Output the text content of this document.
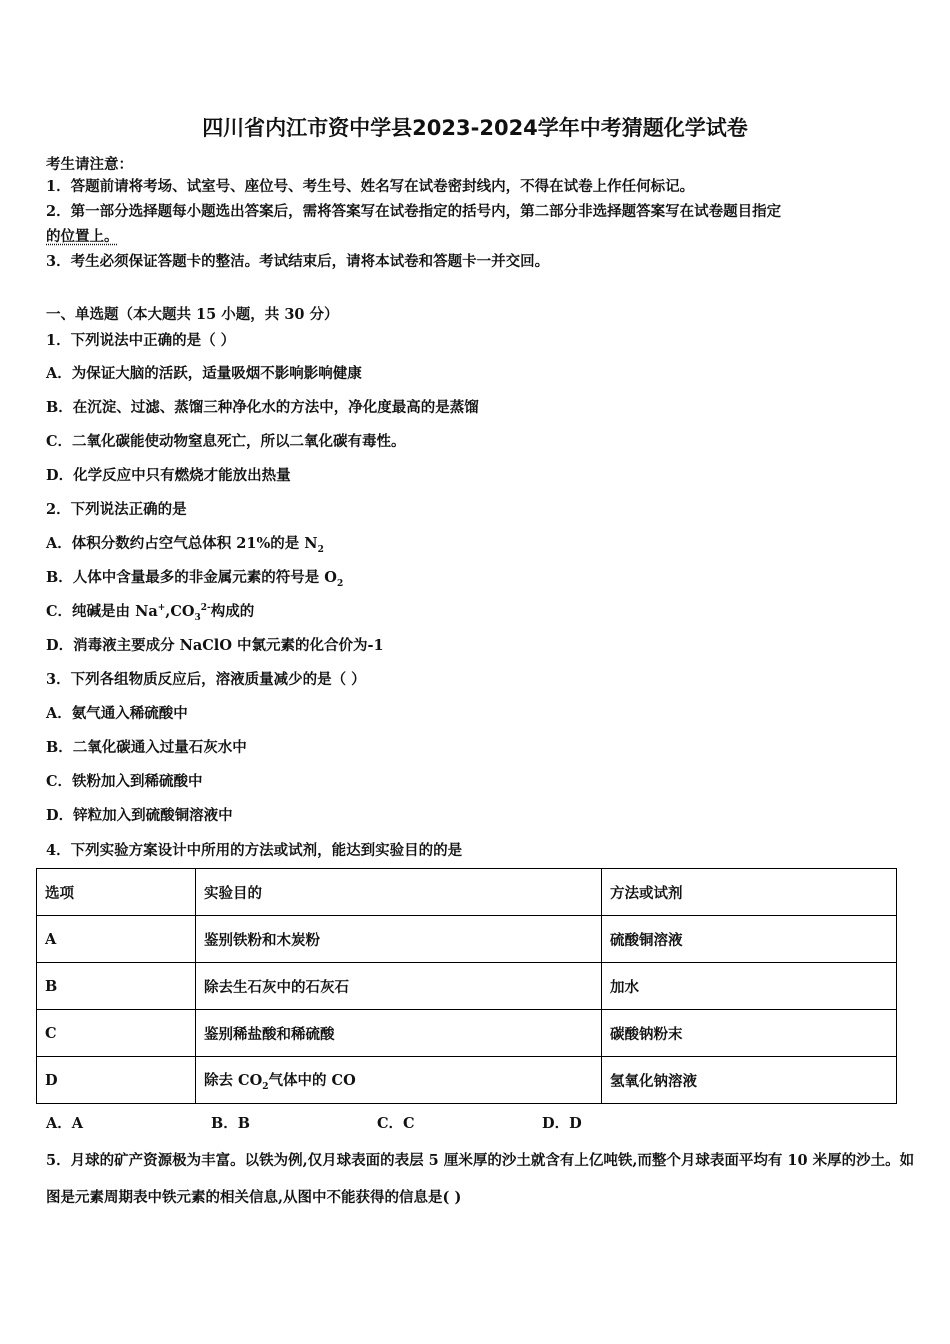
四川省内江市资中学县2023-2024学年中考猜题化学试卷
考生请注意：
1．答题前请将考场、试室号、座位号、考生号、姓名写在试卷密封线内，不得在试卷上作任何标记。
2．第一部分选择题每小题选出答案后，需将答案写在试卷指定的括号内，第二部分非选择题答案写在试卷题目指定
的位置上。
3．考生必须保证答题卡的整洁。考试结束后，请将本试卷和答题卡一并交回。
一、单选题（本大题共 15 小题，共 30 分）
1．下列说法中正确的是（ ）
A．为保证大脑的活跃，适量吸烟不影响影响健康
B．在沉淀、过滤、蒸馏三种净化水的方法中，净化度最高的是蒸馏
C．二氧化碳能使动物窒息死亡，所以二氧化碳有毒性。
D．化学反应中只有燃烧才能放出热量
2．下列说法正确的是
A．体积分数约占空气总体积 21%的是 $N_2$
B．人体中含量最多的非金属元素的符号是 $O_2$
C．纯碱是由 $Na^+,CO_3^{2-}$构成的
D．消毒液主要成分 NaClO 中氯元素的化合价为-1
3．下列各组物质反应后，溶液质量减少的是（ ）
A．氨气通入稀硫酸中
B．二氧化碳通入过量石灰水中
C．铁粉加入到稀硫酸中
D．锌粒加入到硫酸铜溶液中
4．下列实验方案设计中所用的方法或试剂，能达到实验目的的是
选项	实验目的	方法或试剂
A	鉴别铁粉和木炭粉	硫酸铜溶液
B	除去生石灰中的石灰石	加水
C	鉴别稀盐酸和稀硫酸	碳酸钠粉末
D	除去 $CO_2$气体中的 CO	氢氧化钠溶液
A．A	B．B	C．C	D．D
5．月球的矿产资源极为丰富。以铁为例,仅月球表面的表层 5 厘米厚的沙土就含有上亿吨铁,而整个月球表面平均有 10 米厚的沙土。如图是元素周期表中铁元素的相关信息,从图中不能获得的信息是( )
